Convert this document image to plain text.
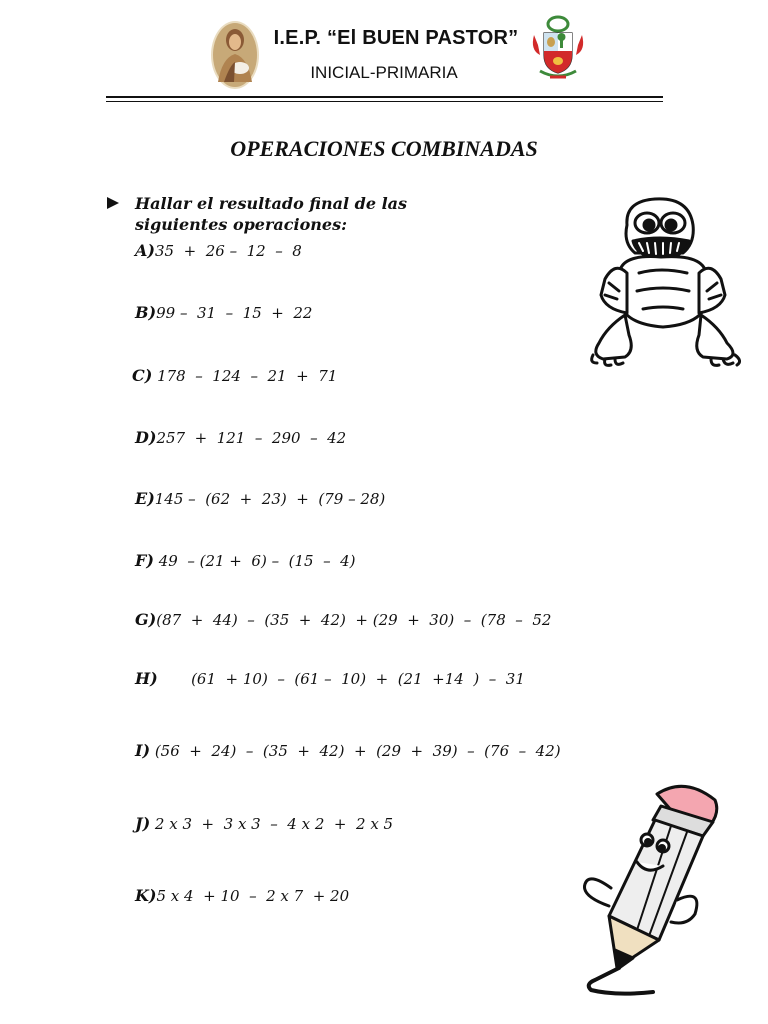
I.E.P. “El BUEN PASTOR”
INICIAL-PRIMARIA
OPERACIONES COMBINADAS
Hallar el resultado final de las siguientes operaciones:
A)35  +  26 –  12  –  8
B)99 –  31  –  15  +  22
C) 178  –  124  –  21  +  71
D)257  +  121  –  290  –  42
E)145 –  (62  +  23)  +  (79 – 28)
F) 49  – (21 +  6) –  (15  –  4)
G)(87  +  44)  –  (35  +  42)  + (29  +  30)  –  (78  –  52
H)       (61  + 10)  –  (61 –  10)  +  (21  +14  )  –  31
I) (56  +  24)  –  (35  +  42)  +  (29  +  39)  –  (76  –  42)
J) 2 x 3  +  3 x 3  –  4 x 2  +  2 x 5
K)5 x 4  + 10  –  2 x 7  + 20
